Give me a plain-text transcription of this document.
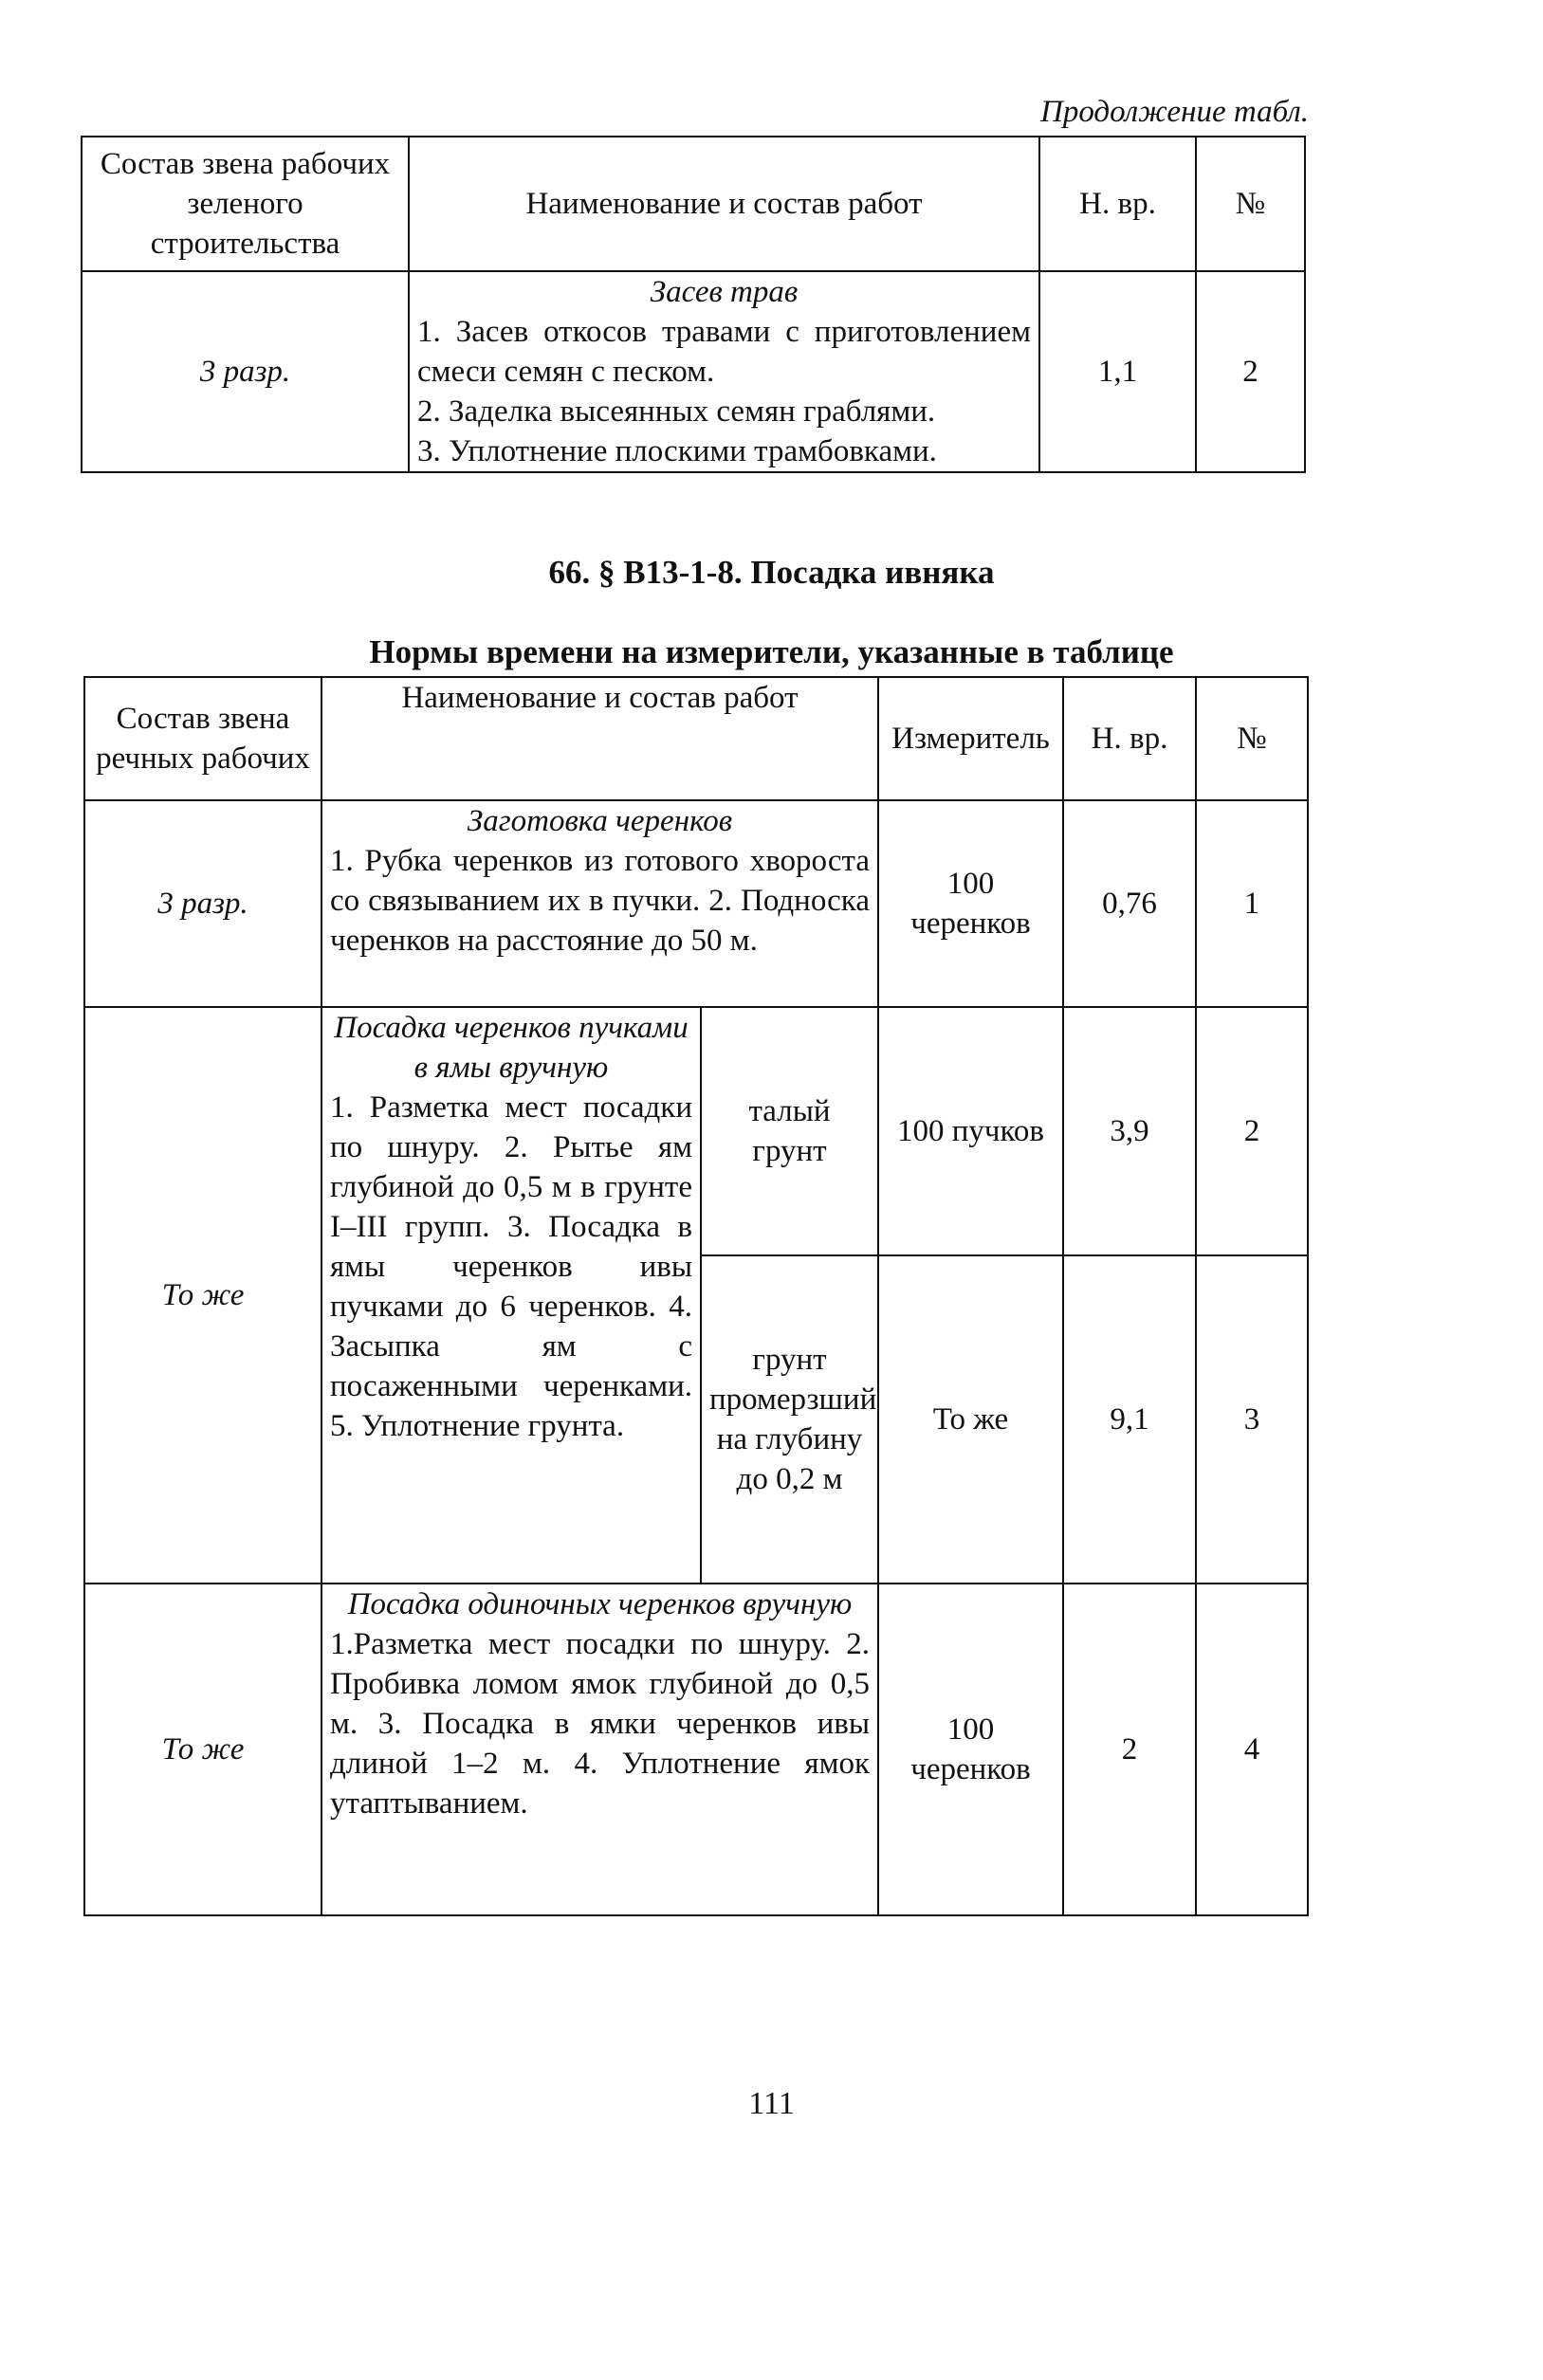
Продолжение табл.
Состав звена рабочих зеленого строительства	Наименование и состав работ	Н. вр.	№
3 разр.	Засев трав
1. Засев откосов травами с приготовлением смеси семян с песком.
2. Заделка высеянных семян граблями.
3. Уплотнение плоскими трамбовками.	1,1	2
66. § В13-1-8. Посадка ивняка
Нормы времени на измерители, указанные в таблице
Состав звена речных рабочих	Наименование и состав работ		Измеритель	Н. вр.	№
3 разр.	Заготовка черенков
1. Рубка черенков из готового хвороста со связыванием их в пучки. 2. Подноска черенков на расстояние до 50 м.		100 черенков	0,76	1
То же	Посадка черенков пучками в ямы вручную
1. Разметка мест посадки по шнуру. 2. Рытье ям глубиной до 0,5 м в грунте I–III групп. 3. Посадка в ямы черенков ивы пучками до 6 черенков. 4. Засыпка ям с посаженными черенками. 5. Уплотнение грунта.	талый грунт	100 пучков	3,9	2
		грунт промерзший на глубину до 0,2 м	То же	9,1	3
То же	Посадка одиночных черенков вручную
1.Разметка мест посадки по шнуру. 2. Пробивка ломом ямок глубиной до 0,5 м. 3. Посадка в ямки черенков ивы длиной 1–2 м. 4. Уплотнение ямок утаптыванием.		100 черенков	2	4
111
